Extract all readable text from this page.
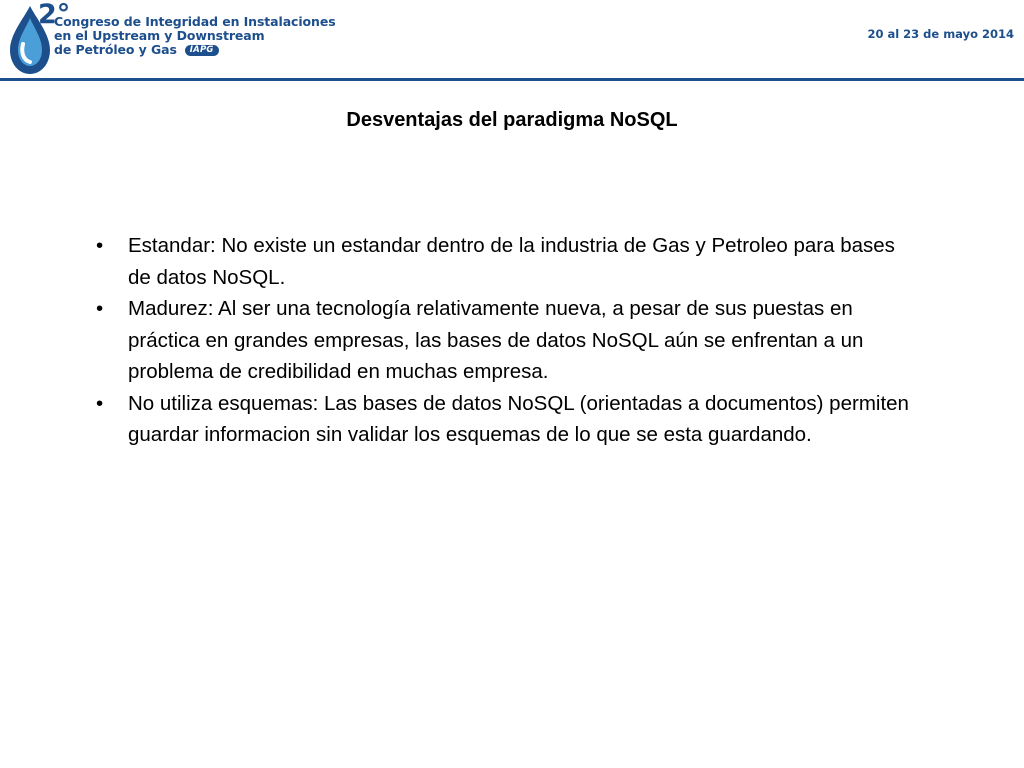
2°
Congreso de Integridad en Instalaciones
en el Upstream y Downstream
de Petróleo y Gas	IAPG
20 al 23 de mayo 2014
Desventajas del paradigma NoSQL
• Estandar: No existe un estandar dentro de la industria de Gas y Petroleo para bases de datos NoSQL.
• Madurez: Al ser una tecnología relativamente nueva, a pesar de sus puestas en práctica en grandes empresas, las bases de datos NoSQL aún se enfrentan a un problema de credibilidad en muchas empresa.
• No utiliza esquemas: Las bases de datos NoSQL (orientadas a documentos) permiten guardar informacion sin validar los esquemas de lo que se esta guardando.
